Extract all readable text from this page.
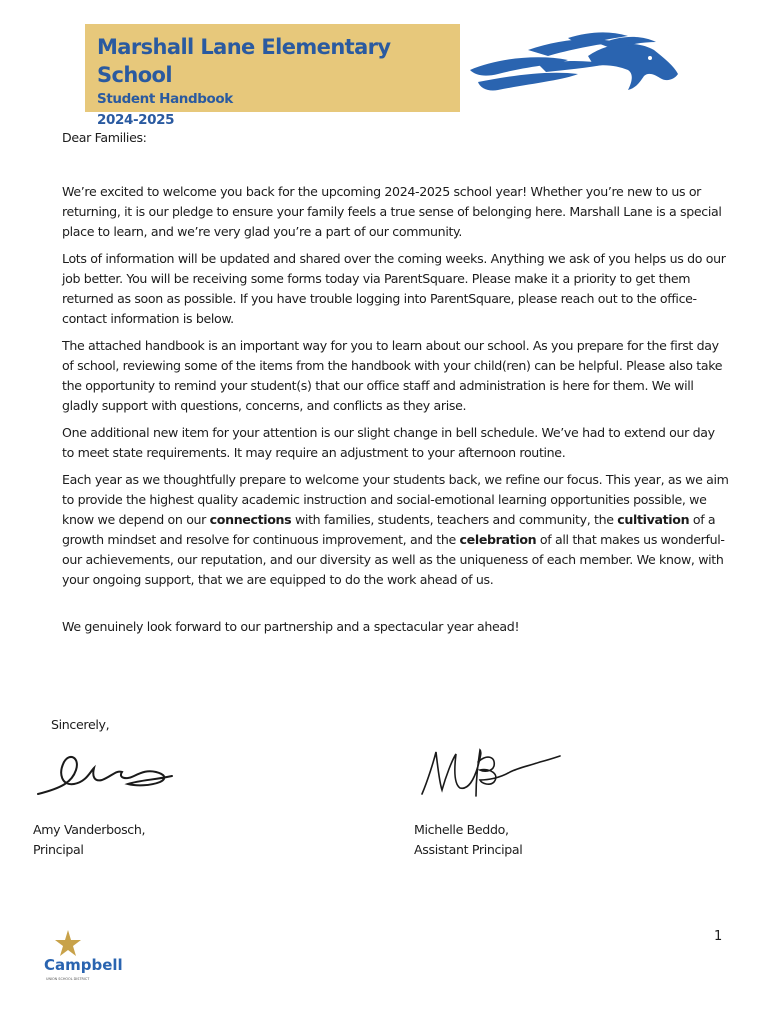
Marshall Lane Elementary School
Student Handbook
2024-2025

Dear Families:

We’re excited to welcome you back for the upcoming 2024-2025 school year! Whether you’re new to us or returning, it is our pledge to ensure your family feels a true sense of belonging here. Marshall Lane is a special place to learn, and we’re very glad you’re a part of our community.

Lots of information will be updated and shared over the coming weeks. Anything we ask of you helps us do our job better. You will be receiving some forms today via ParentSquare. Please make it a priority to get them returned as soon as possible. If you have trouble logging into ParentSquare, please reach out to the office-contact information is below.

The attached handbook is an important way for you to learn about our school. As you prepare for the first day of school, reviewing some of the items from the handbook with your child(ren) can be helpful. Please also take the opportunity to remind your student(s) that our office staff and administration is here for them. We will gladly support with questions, concerns, and conflicts as they arise.

One additional new item for your attention is our slight change in bell schedule. We’ve had to extend our day to meet state requirements. It may require an adjustment to your afternoon routine.

Each year as we thoughtfully prepare to welcome your students back, we refine our focus. This year, as we aim to provide the highest quality academic instruction and social-emotional learning opportunities possible, we know we depend on our connections with families, students, teachers and community, the cultivation of a growth mindset and resolve for continuous improvement, and the celebration of all that makes us wonderful-our achievements, our reputation, and our diversity as well as the uniqueness of each member. We know, with your ongoing support, that we are equipped to do the work ahead of us.

We genuinely look forward to our partnership and a spectacular year ahead!

Sincerely,
Amy Vanderbosch,
Principal
Michelle Beddo,
Assistant Principal
Campbell
UNION SCHOOL DISTRICT
1
